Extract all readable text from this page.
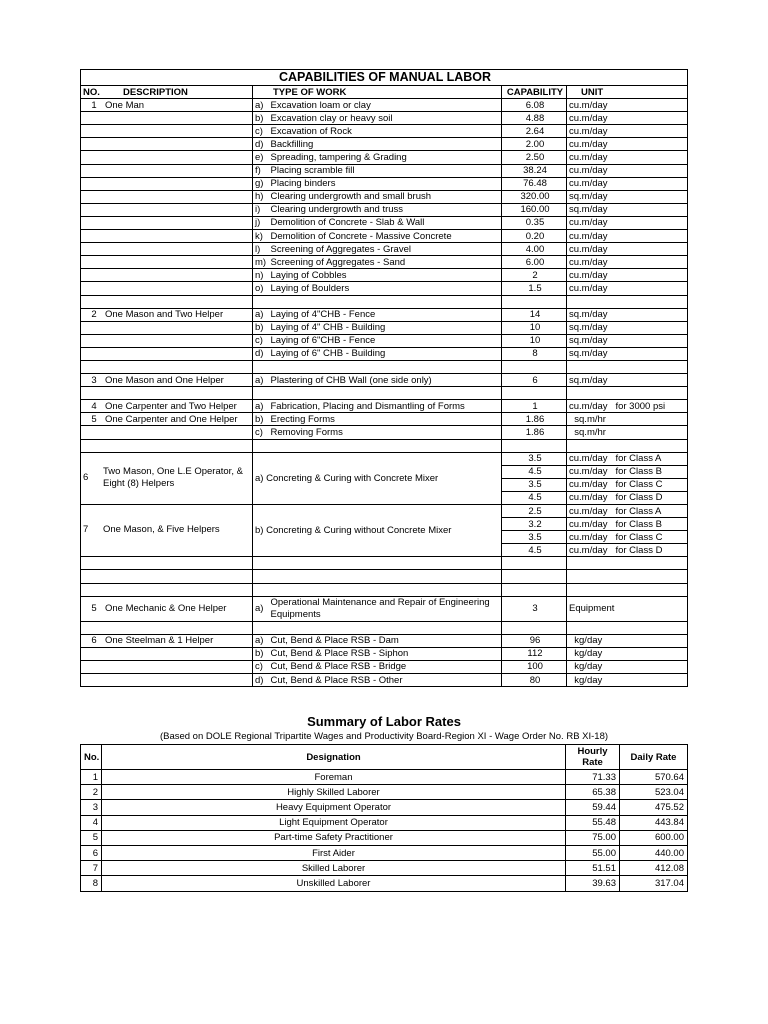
CAPABILITIES OF MANUAL LABOR				
NO. DESCRIPTION	TYPE OF WORK		CAPABILITY	UNIT
1 One Man	a)	Excavation loam or clay	6.08	cu.m/day
	b)	Excavation clay or heavy soil	4.88	cu.m/day
	c)	Excavation of Rock	2.64	cu.m/day
	d)	Backfilling	2.00	cu.m/day
	e)	Spreading, tampering & Grading	2.50	cu.m/day
	f)	Placing scramble fill	38.24	cu.m/day
	g)	Placing binders	76.48	cu.m/day
	h)	Clearing undergrowth and small brush	320.00	sq.m/day
	i)	Clearing undergrowth and truss	160.00	sq.m/day
	j)	Demolition of Concrete - Slab & Wall	0.35	cu.m/day
	k)	Demolition of Concrete - Massive Concrete	0.20	cu.m/day
	l)	Screening of Aggregates - Gravel	4.00	cu.m/day
	m)	Screening of Aggregates - Sand	6.00	cu.m/day
	n)	Laying of Cobbles	2	cu.m/day
	o)	Laying of Boulders	1.5	cu.m/day

2 One Mason and Two Helper	a)	Laying of 4"CHB - Fence	14	sq.m/day
	b)	Laying of 4" CHB - Building	10	sq.m/day
	c)	Laying of 6"CHB - Fence	10	sq.m/day
	d)	Laying of 6" CHB - Building	8	sq.m/day

3 One Mason and One Helper	a)	Plastering of CHB Wall (one side only)	6	sq.m/day

4 One Carpenter and Two Helper	a)	Fabrication, Placing and Dismantling of Forms	1	cu.m/day   for 3000 psi
5 One Carpenter and One Helper	b)	Erecting Forms	1.86	sq.m/hr
	c)	Removing Forms	1.86	sq.m/hr

6Two Mason, One L.E Operator, & Eight (8) Helpers	a) Concreting & Curing with Concrete Mixer		3.5	cu.m/day   for Class A
			4.5	cu.m/day   for Class B
			3.5	cu.m/day   for Class C
			4.5	cu.m/day   for Class D
7 One Mason, & Five Helpers	b) Concreting & Curing without Concrete Mixer		2.5	cu.m/day   for Class A
			3.2	cu.m/day   for Class B
			3.5	cu.m/day   for Class C
			4.5	cu.m/day   for Class D

5 One Mechanic & One Helper	a)	Operational Maintenance and Repair of Engineering Equipments	3	Equipment

6 One Steelman & 1 Helper	a)	Cut, Bend & Place RSB - Dam	96	kg/day
	b)	Cut, Bend & Place RSB - Siphon	112	kg/day
	c)	Cut, Bend & Place RSB - Bridge	100	kg/day
	d)	Cut, Bend & Place RSB - Other	80	kg/day
Summary of Labor Rates
(Based on DOLE Regional Tripartite Wages and Productivity Board-Region XI - Wage Order No. RB XI-18)
No.	Designation	Hourly Rate	Daily Rate
1	Foreman	71.33	570.64
2	Highly Skilled Laborer	65.38	523.04
3	Heavy Equipment Operator	59.44	475.52
4	Light Equipment Operator	55.48	443.84
5	Part-time Safety Practitioner	75.00	600.00
6	First Aider	55.00	440.00
7	Skilled Laborer	51.51	412.08
8	Unskilled Laborer	39.63	317.04
